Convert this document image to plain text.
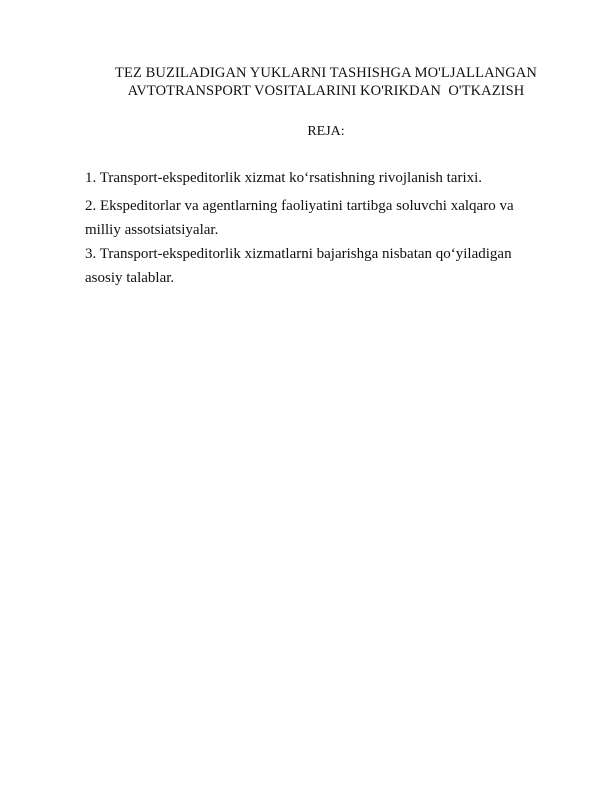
TEZ BUZILADIGAN YUKLARNI TASHISHGA MO'LJALLANGAN
AVTOTRANSPORT VOSITALARINI KO'RIKDAN  O'TKAZISH
REJA:

1. Transport-ekspeditorlik xizmat ko‘rsatishning rivojlanish tarixi.

2. Ekspeditorlar va agentlarning faoliyatini tartibga soluvchi xalqaro va
milliy assotsiatsiyalar.

3. Transport-ekspeditorlik xizmatlarni bajarishga nisbatan qo‘yiladigan
asosiy talablar.
